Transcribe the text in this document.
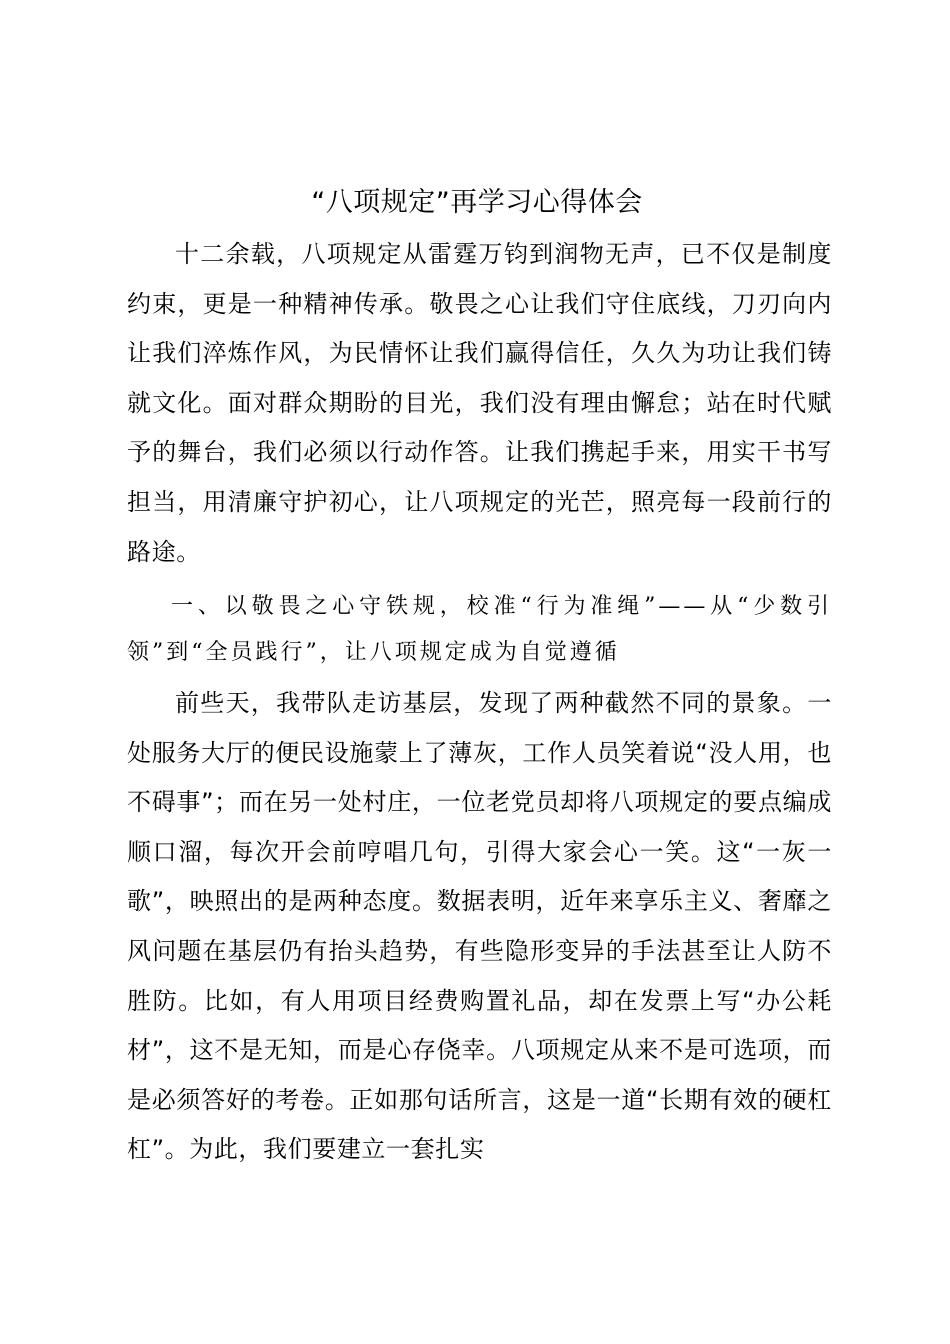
“八项规定”再学习心得体会

十二余载，八项规定从雷霆万钧到润物无声，已不仅是制度约束，更是一种精神传承。敬畏之心让我们守住底线，刀刃向内让我们淬炼作风，为民情怀让我们赢得信任，久久为功让我们铸就文化。面对群众期盼的目光，我们没有理由懈怠；站在时代赋予的舞台，我们必须以行动作答。让我们携起手来，用实干书写担当，用清廉守护初心，让八项规定的光芒，照亮每一段前行的路途。

一、以敬畏之心守铁规，校准“行为准绳”——从“少数引领”到“全员践行”，让八项规定成为自觉遵循

前些天，我带队走访基层，发现了两种截然不同的景象。一处服务大厅的便民设施蒙上了薄灰，工作人员笑着说“没人用，也不碍事”；而在另一处村庄，一位老党员却将八项规定的要点编成顺口溜，每次开会前哼唱几句，引得大家会心一笑。这“一灰一歌”，映照出的是两种态度。数据表明，近年来享乐主义、奢靡之风问题在基层仍有抬头趋势，有些隐形变异的手法甚至让人防不胜防。比如，有人用项目经费购置礼品，却在发票上写“办公耗材”，这不是无知，而是心存侥幸。八项规定从来不是可选项，而是必须答好的考卷。正如那句话所言，这是一道“长期有效的硬杠杠”。为此，我们要建立一套扎实
